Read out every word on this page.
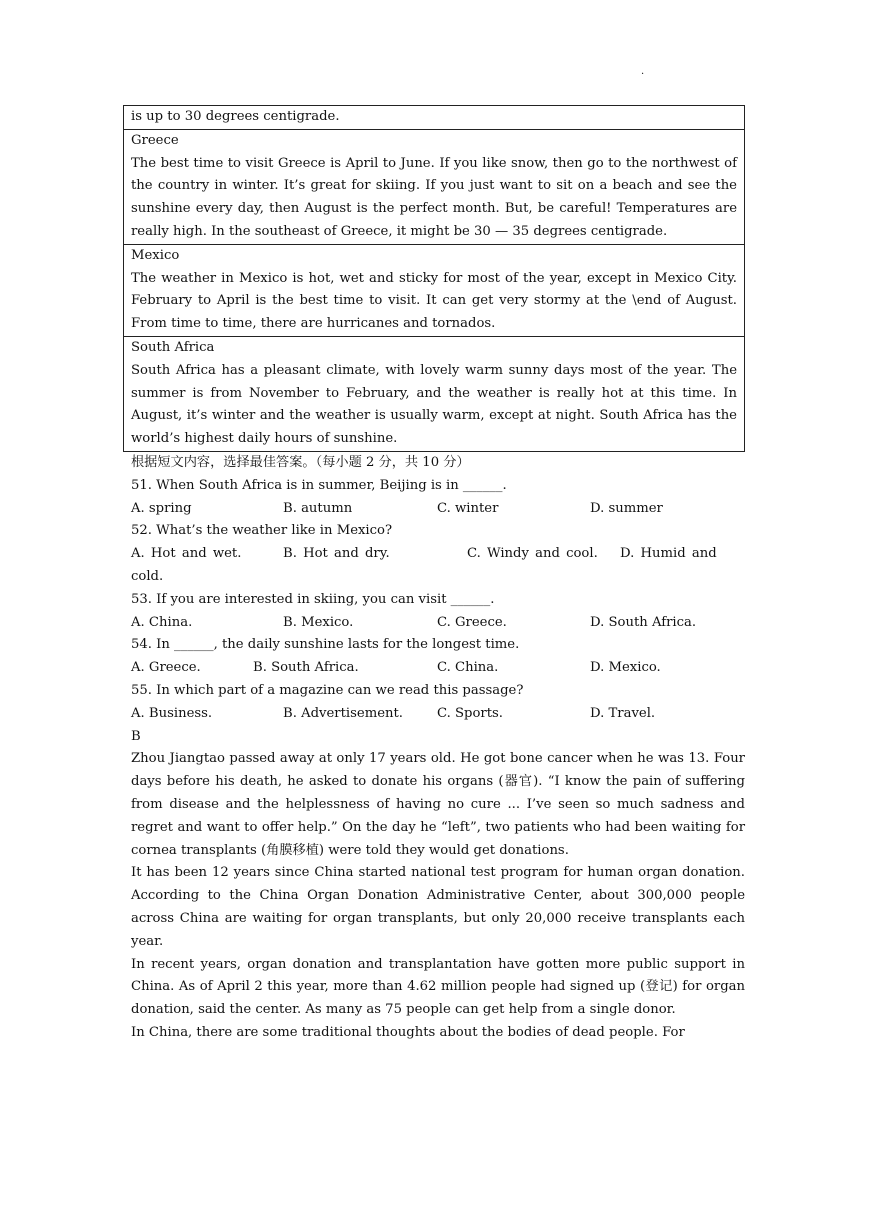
.
is up to 30 degrees centigrade.

Greece
The best time to visit Greece is April to June. If you like snow, then go to the northwest of the country in winter. It’s great for skiing. If you just want to sit on a beach and see the sunshine every day, then August is the perfect month. But, be careful! Temperatures are really high. In the southeast of Greece, it might be 30 — 35 degrees centigrade.

Mexico
The weather in Mexico is hot, wet and sticky for most of the year, except in Mexico City. February to April is the best time to visit. It can get very stormy at the \end of August. From time to time, there are hurricanes and tornados.

South Africa
South Africa has a pleasant climate, with lovely warm sunny days most of the year. The summer is from November to February, and the weather is really hot at this time. In August, it’s winter and the weather is usually warm, except at night. South Africa has the world’s highest daily hours of sunshine.
根据短文内容，选择最佳答案。（每小题 2 分，共 10 分）
51. When South Africa is in summer, Beijing is in ______.
A. spring	B. autumn	C. winter	D. summer
52. What’s the weather like in Mexico?
A. Hot and wet.	B. Hot and dry.	C. Windy and cool. D. Humid and cold.
53. If you are interested in skiing, you can visit ______.
A. China.	B. Mexico.	C. Greece.	D. South Africa.
54. In ______, the daily sunshine lasts for the longest time.
A. Greece.	B. South Africa.	C. China.	D. Mexico.
55. In which part of a magazine can we read this passage?
A. Business.	B. Advertisement.	C. Sports.	D. Travel.
B
Zhou Jiangtao passed away at only 17 years old. He got bone cancer when he was 13. Four days before his death, he asked to donate his organs (器官). “I know the pain of suffering from disease and the helplessness of having no cure ... I’ve seen so much sadness and regret and want to offer help.” On the day he “left”, two patients who had been waiting for cornea transplants (角膜移植) were told they would get donations.
It has been 12 years since China started national test program for human organ donation. According to the China Organ Donation Administrative Center, about 300,000 people across China are waiting for organ transplants, but only 20,000 receive transplants each year.
In recent years, organ donation and transplantation have gotten more public support in China. As of April 2 this year, more than 4.62 million people had signed up (登记) for organ donation, said the center. As many as 75 people can get help from a single donor.
In China, there are some traditional thoughts about the bodies of dead people. For
